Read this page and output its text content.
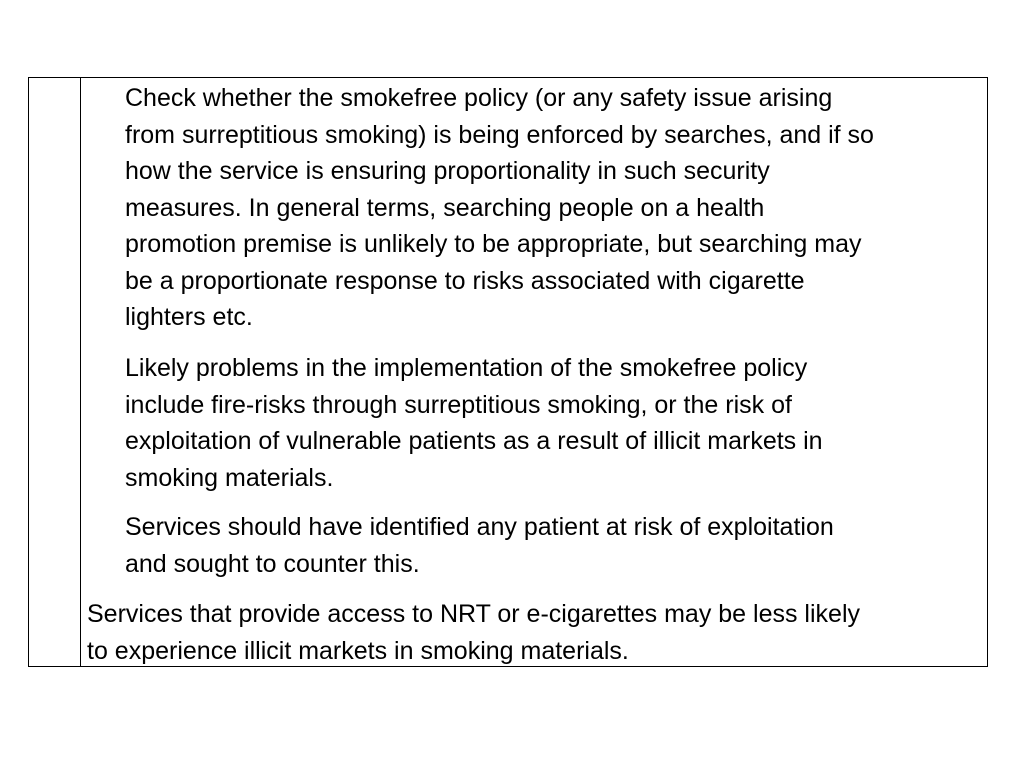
Check whether the smokefree policy (or any safety issue arising
from surreptitious smoking) is being enforced by searches, and if so
how the service is ensuring proportionality in such security
measures. In general terms, searching people on a health
promotion premise is unlikely to be appropriate, but searching may
be a proportionate response to risks associated with cigarette
lighters etc.

Likely problems in the implementation of the smokefree policy
include fire-risks through surreptitious smoking, or the risk of
exploitation of vulnerable patients as a result of illicit markets in
smoking materials.

Services should have identified any patient at risk of exploitation
and sought to counter this.

Services that provide access to NRT or e-cigarettes may be less likely
to experience illicit markets in smoking materials.
